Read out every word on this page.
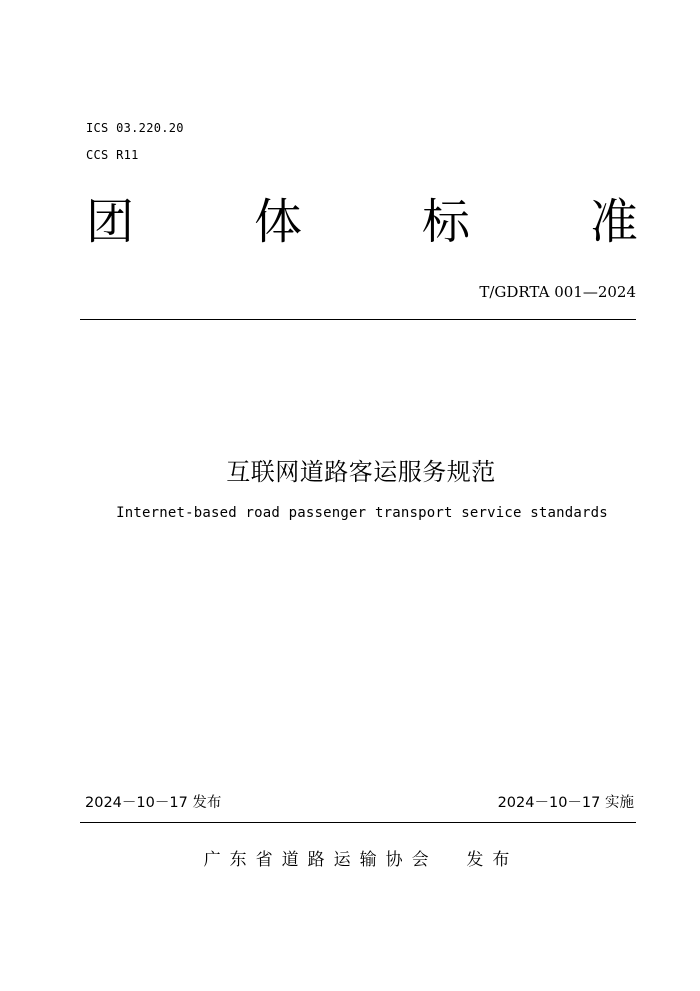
ICS 03.220.20
CCS R11
团 体 标 准
T/GDRTA 001—2024
互联网道路客运服务规范
Internet-based road passenger transport service standards
2024－10－17 发布	2024－10－17 实施
广东省道路运输协会  发布
